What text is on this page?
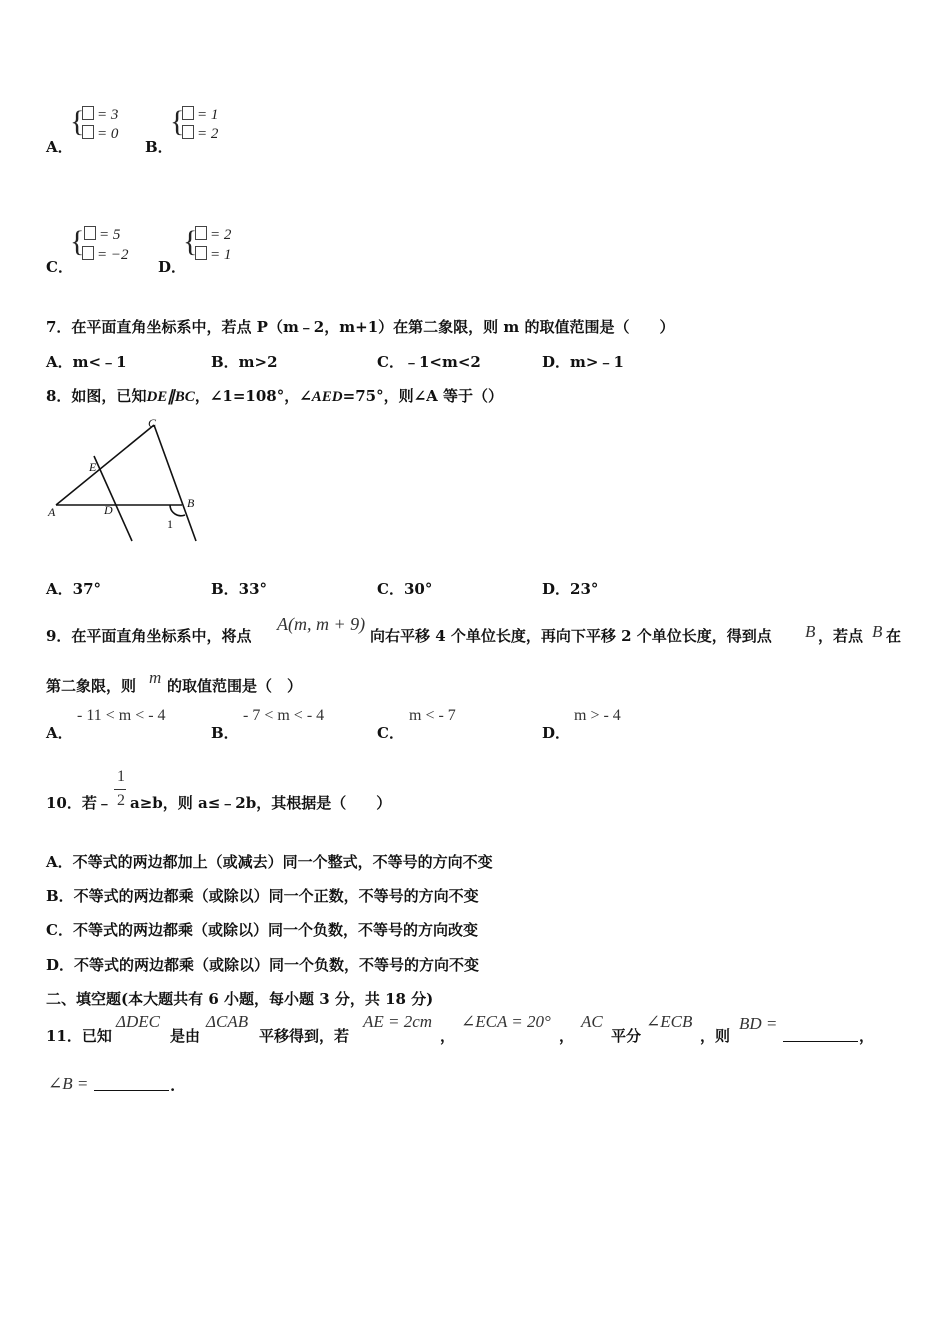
A．
{ = 3
= 0
B．
{ = 1
= 2
C．
{ = 5
= −2
D．
{ = 2
= 1
7．在平面直角坐标系中，若点 P（m﹣2，m+1）在第二象限，则 m 的取值范围是（　　）
A．m<﹣1	B．m>2	C．﹣1<m<2	D．m>﹣1
8．如图，已知DE∥BC，∠1=108°，∠AED=75°，则∠A 等于（）
C
E
A	D	B
1
A．37°	B．33°	C．30°	D．23°
9．在平面直角坐标系中，将点
A(m, m + 9)
向右平移 4 个单位长度，再向下平移 2 个单位长度，得到点 B ，若点 B 在
第二象限，则 m 的取值范围是（　）
A．
- 11 < m < - 4
B．
- 7 < m < - 4
C．
m < - 7
D．
m > - 4
10．若﹣
1
2 a≥b，则 a≤﹣2b，其根据是（　　）
A．不等式的两边都加上（或减去）同一个整式，不等号的方向不变
B．不等式的两边都乘（或除以）同一个正数，不等号的方向不变
C．不等式的两边都乘（或除以）同一个负数，不等号的方向改变
D．不等式的两边都乘（或除以）同一个负数，不等号的方向不变
二、填空题(本大题共有 6 小题，每小题 3 分，共 18 分)
11．已知
ΔDEC
是由
ΔCAB
平移得到，若
AE = 2cm
，
∠ECA = 20°
，
AC
平分
∠ECB
，则
BD =
，
∠B =	.
